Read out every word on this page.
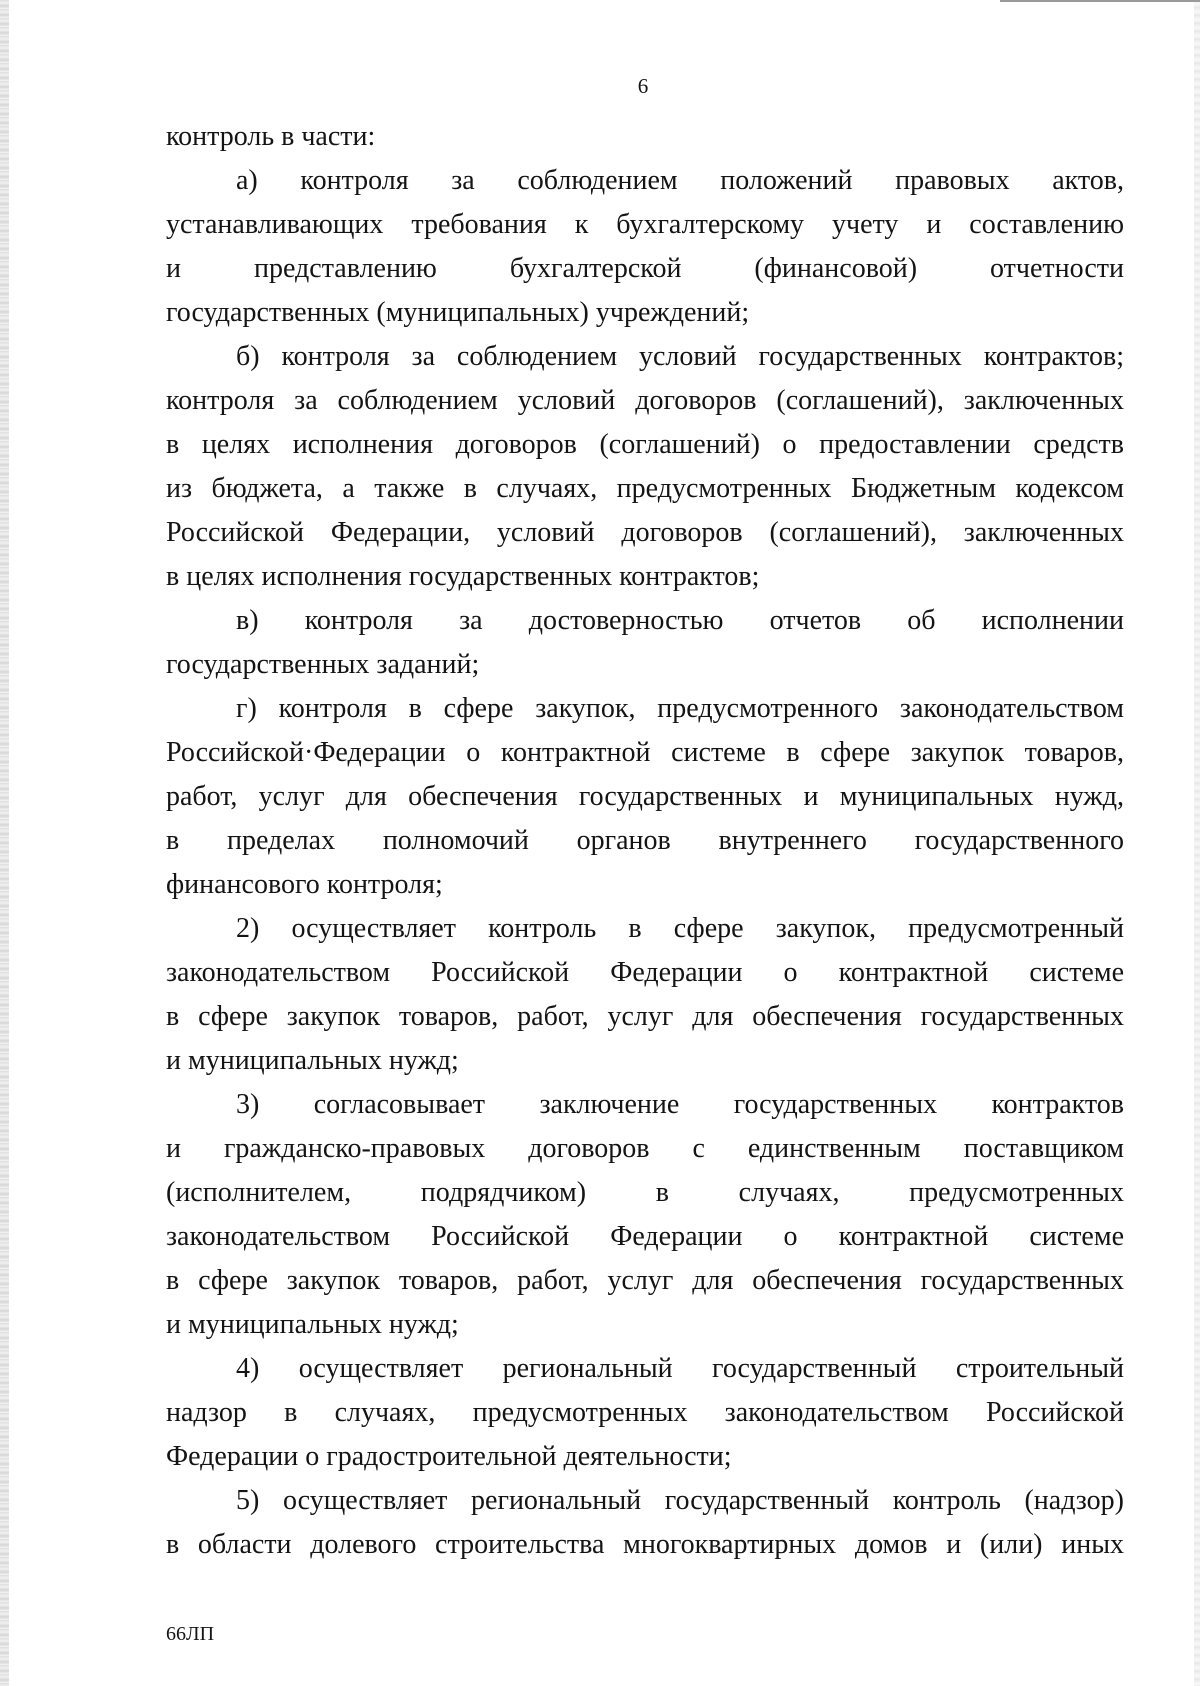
6
контроль в части:
а) контроля за соблюдением положений правовых актов,
устанавливающих требования к бухгалтерскому учету и составлению
и представлению бухгалтерской (финансовой) отчетности
государственных (муниципальных) учреждений;
б) контроля за соблюдением условий государственных контрактов;
контроля за соблюдением условий договоров (соглашений), заключенных
в целях исполнения договоров (соглашений) о предоставлении средств
из бюджета, а также в случаях, предусмотренных Бюджетным кодексом
Российской Федерации, условий договоров (соглашений), заключенных
в целях исполнения государственных контрактов;
в) контроля за достоверностью отчетов об исполнении
государственных заданий;
г) контроля в сфере закупок, предусмотренного законодательством
Российской·Федерации о контрактной системе в сфере закупок товаров,
работ, услуг для обеспечения государственных и муниципальных нужд,
в пределах полномочий органов внутреннего государственного
финансового контроля;
2) осуществляет контроль в сфере закупок, предусмотренный
законодательством Российской Федерации о контрактной системе
в сфере закупок товаров, работ, услуг для обеспечения государственных
и муниципальных нужд;
3) согласовывает заключение государственных контрактов
и гражданско-правовых договоров с единственным поставщиком
(исполнителем, подрядчиком) в случаях, предусмотренных
законодательством Российской Федерации о контрактной системе
в сфере закупок товаров, работ, услуг для обеспечения государственных
и муниципальных нужд;
4) осуществляет региональный государственный строительный
надзор в случаях, предусмотренных законодательством Российской
Федерации о градостроительной деятельности;
5) осуществляет региональный государственный контроль (надзор)
в области долевого строительства многоквартирных домов и (или) иных
66ЛП
